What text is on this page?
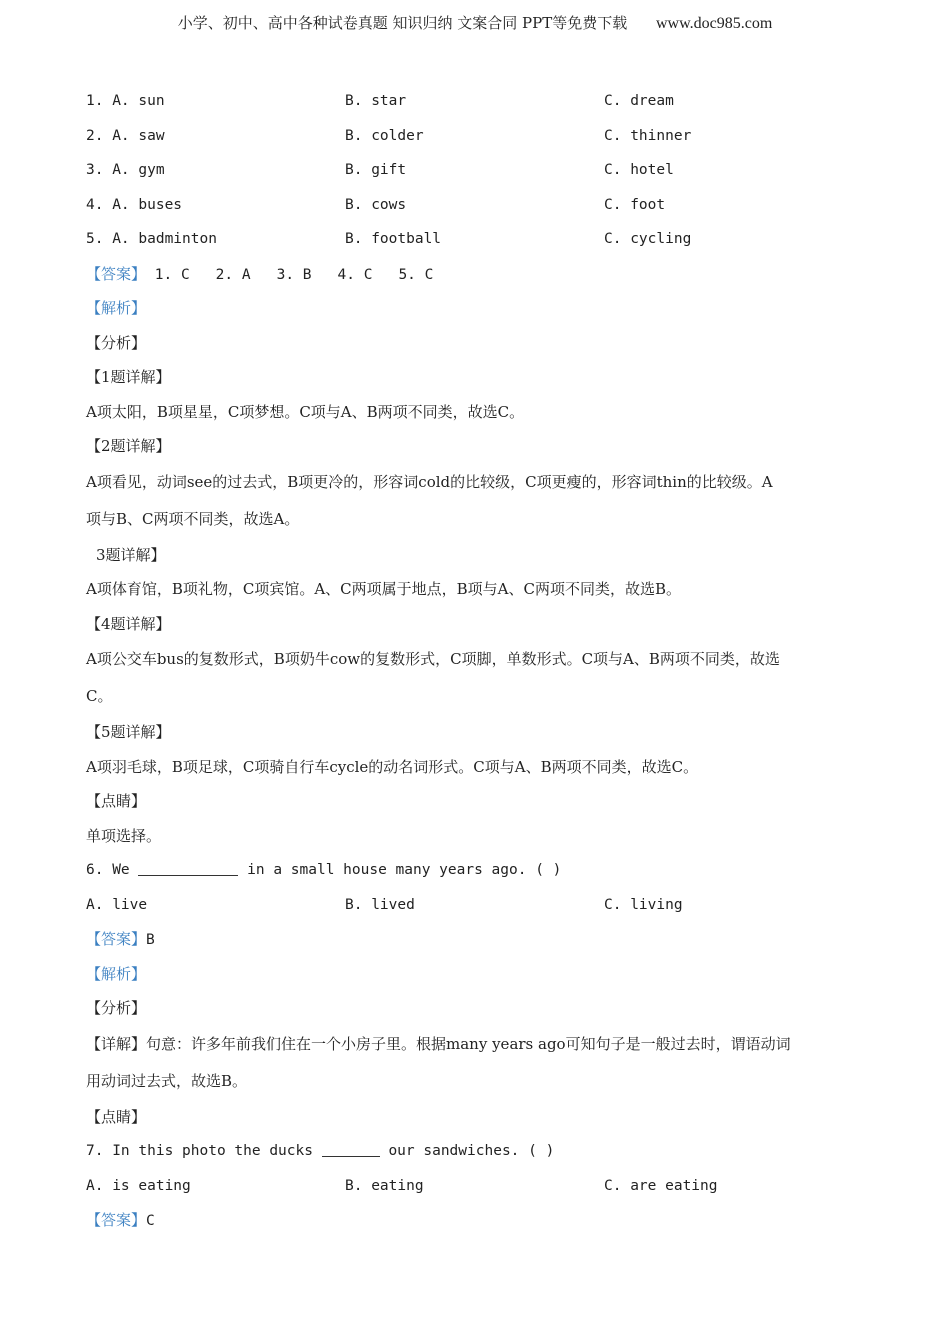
小学、初中、高中各种试卷真题 知识归纳 文案合同 PPT等免费下载 www.doc985.com
1. A. sun	B. star	C. dream
2. A. saw	B. colder	C. thinner
3. A. gym	B. gift	C. hotel
4. A. buses	B. cows	C. foot
5. A. badminton	B. football	C. cycling
【答案】 1. C 2. A 3. B 4. C 5. C
【解析】
【分析】
【1题详解】
A项太阳，B项星星，C项梦想。C项与A、B两项不同类，故选C。
【2题详解】
A项看见，动词see的过去式，B项更冷的，形容词cold的比较级，C项更瘦的，形容词thin的比较级。A
项与B、C两项不同类，故选A。
3题详解】
A项体育馆，B项礼物，C项宾馆。A、C两项属于地点，B项与A、C两项不同类，故选B。
【4题详解】
A项公交车bus的复数形式，B项奶牛cow的复数形式，C项脚，单数形式。C项与A、B两项不同类，故选
C。
【5题详解】
A项羽毛球，B项足球，C项骑自行车cycle的动名词形式。C项与A、B两项不同类，故选C。
【点睛】
单项选择。
6. We	in a small house many years ago. ( )
A. live	B. lived	C. living
【答案】B
【解析】
【分析】
【详解】句意：许多年前我们住在一个小房子里。根据many years ago可知句子是一般过去时，谓语动词
用动词过去式，故选B。
【点睛】
7. In this photo the ducks	our sandwiches. ( )
A. is eating	B. eating	C. are eating
【答案】C
